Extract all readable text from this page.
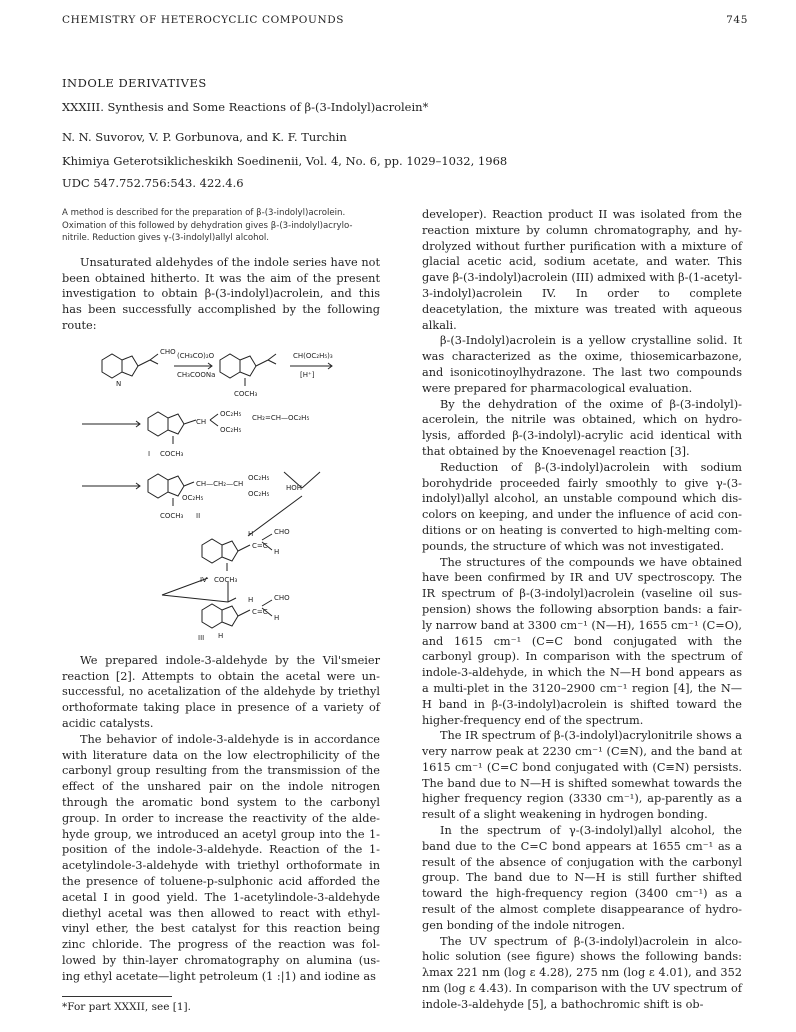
CHEMISTRY OF HETEROCYCLIC COMPOUNDS	745
INDOLE DERIVATIVES
XXXIII. Synthesis and Some Reactions of β-(3-Indolyl)acrolein*
N. N. Suvorov, V. P. Gorbunova, and K. F. Turchin
Khimiya Geterotsiklicheskikh Soedinenii, Vol. 4, No. 6, pp. 1029–1032, 1968
UDC 547.752.756:543. 422.4.6
A method is described for the preparation of β-(3-indolyl)acrolein. Oximation of this followed by dehydration gives β-(3-indolyl)acrylo-nitrile. Reduction gives γ-(3-indolyl)allyl alcohol.

Unsaturated aldehydes of the indole series have not been obtained hitherto. It was the aim of the present investigation to obtain β-(3-indolyl)acrolein, and this has been successfully accomplished by the following route:

N
CHO (CH₃CO)₂O
CH₃COONa
CH(OC₂H₅)₃
[H⁺]
COCH₃
CH
OC₂H₅
OC₂H₅
CH₂=CH—OC₂H₅
I COCH₃
CH—CH₂—CH
OC₂H₅
OC₂H₅
OC₂H₅
HOH
COCH₃ II
H
C=C
CHO
H
IV COCH₃
H
C=C
CHO
H
III H

We prepared indole-3-aldehyde by the Vil'smeier reaction [2]. Attempts to obtain the acetal were un-successful, no acetalization of the aldehyde by triethyl orthoformate taking place in presence of a variety of acidic catalysts.

The behavior of indole-3-aldehyde is in accordance with literature data on the low electrophilicity of the carbonyl group resulting from the transmission of the effect of the unshared pair on the indole nitrogen through the aromatic bond system to the carbonyl group. In order to increase the reactivity of the alde-hyde group, we introduced an acetyl group into the 1-position of the indole-3-aldehyde. Reaction of the 1-acetylindole-3-aldehyde with triethyl orthoformate in the presence of toluene-p-sulphonic acid afforded the acetal I in good yield. The 1-acetylindole-3-aldehyde diethyl acetal was then allowed to react with ethyl-vinyl ether, the best catalyst for this reaction being zinc chloride. The progress of the reaction was fol-lowed by thin-layer chromatography on alumina (us-ing ethyl acetate—light petroleum (1 :|1) and iodine as

developer). Reaction product II was isolated from the reaction mixture by column chromatography, and hy-drolyzed without further purification with a mixture of glacial acetic acid, sodium acetate, and water. This gave β-(3-indolyl)acrolein (III) admixed with β-(1-acetyl-3-indolyl)acrolein IV. In order to complete deacetylation, the mixture was treated with aqueous alkali.

β-(3-Indolyl)acrolein is a yellow crystalline solid. It was characterized as the oxime, thiosemicarbazone, and isonicotinoylhydrazone. The last two compounds were prepared for pharmacological evaluation.

By the dehydration of the oxime of β-(3-indolyl)-acerolein, the nitrile was obtained, which on hydro-lysis, afforded β-(3-indolyl)-acrylic acid identical with that obtained by the Knoevenagel reaction [3].

Reduction of β-(3-indolyl)acrolein with sodium borohydride proceeded fairly smoothly to give γ-(3-indolyl)allyl alcohol, an unstable compound which dis-colors on keeping, and under the influence of acid con-ditions or on heating is converted to high-melting com-pounds, the structure of which was not investigated.

The structures of the compounds we have obtained have been confirmed by IR and UV spectroscopy. The IR spectrum of β-(3-indolyl)acrolein (vaseline oil sus-pension) shows the following absorption bands: a fair-ly narrow band at 3300 cm⁻¹ (N—H), 1655 cm⁻¹ (C=O), and 1615 cm⁻¹ (C=C bond conjugated with the carbonyl group). In comparison with the spectrum of indole-3-aldehyde, in which the N—H bond appears as a multi-plet in the 3120–2900 cm⁻¹ region [4], the N—H band in β-(3-indolyl)acrolein is shifted toward the higher-frequency end of the spectrum.

The IR spectrum of β-(3-indolyl)acrylonitrile shows a very narrow peak at 2230 cm⁻¹ (C≡N), and the band at 1615 cm⁻¹ (C=C bond conjugated with (C≡N) persists. The band due to N—H is shifted somewhat towards the higher frequency region (3330 cm⁻¹), ap-parently as a result of a slight weakening in hydrogen bonding.

In the spectrum of γ-(3-indolyl)allyl alcohol, the band due to the C=C bond appears at 1655 cm⁻¹ as a result of the absence of conjugation with the carbonyl group. The band due to N—H is still further shifted toward the high-frequency region (3400 cm⁻¹) as a result of the almost complete disappearance of hydro-gen bonding of the indole nitrogen.

The UV spectrum of β-(3-indolyl)acrolein in alco-holic solution (see figure) shows the following bands: λmax 221 nm (log ε 4.28), 275 nm (log ε 4.01), and 352 nm (log ε 4.43). In comparison with the UV spectrum of indole-3-aldehyde [5], a bathochromic shift is ob-

*For part XXXII, see [1].
